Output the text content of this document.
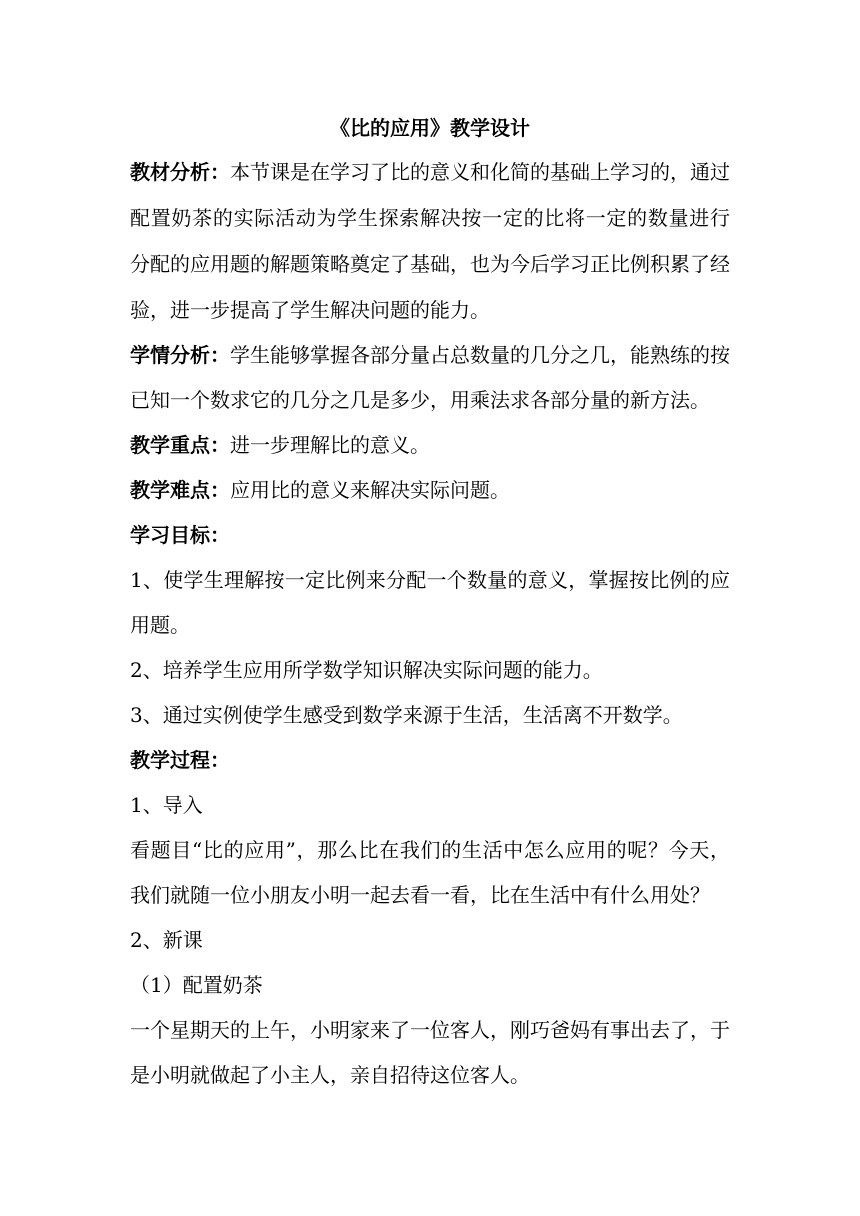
《比的应用》教学设计
教材分析：本节课是在学习了比的意义和化简的基础上学习的，通过
配置奶茶的实际活动为学生探索解决按一定的比将一定的数量进行
分配的应用题的解题策略奠定了基础，也为今后学习正比例积累了经
验，进一步提高了学生解决问题的能力。
学情分析：学生能够掌握各部分量占总数量的几分之几，能熟练的按
已知一个数求它的几分之几是多少，用乘法求各部分量的新方法。
教学重点：进一步理解比的意义。
教学难点：应用比的意义来解决实际问题。
学习目标：
1、使学生理解按一定比例来分配一个数量的意义，掌握按比例的应
用题。
2、培养学生应用所学数学知识解决实际问题的能力。
3、通过实例使学生感受到数学来源于生活，生活离不开数学。
教学过程：
1、导入
看题目“比的应用”，那么比在我们的生活中怎么应用的呢？今天，
我们就随一位小朋友小明一起去看一看，比在生活中有什么用处？
2、新课
（1）配置奶茶
一个星期天的上午，小明家来了一位客人，刚巧爸妈有事出去了，于
是小明就做起了小主人，亲自招待这位客人。
